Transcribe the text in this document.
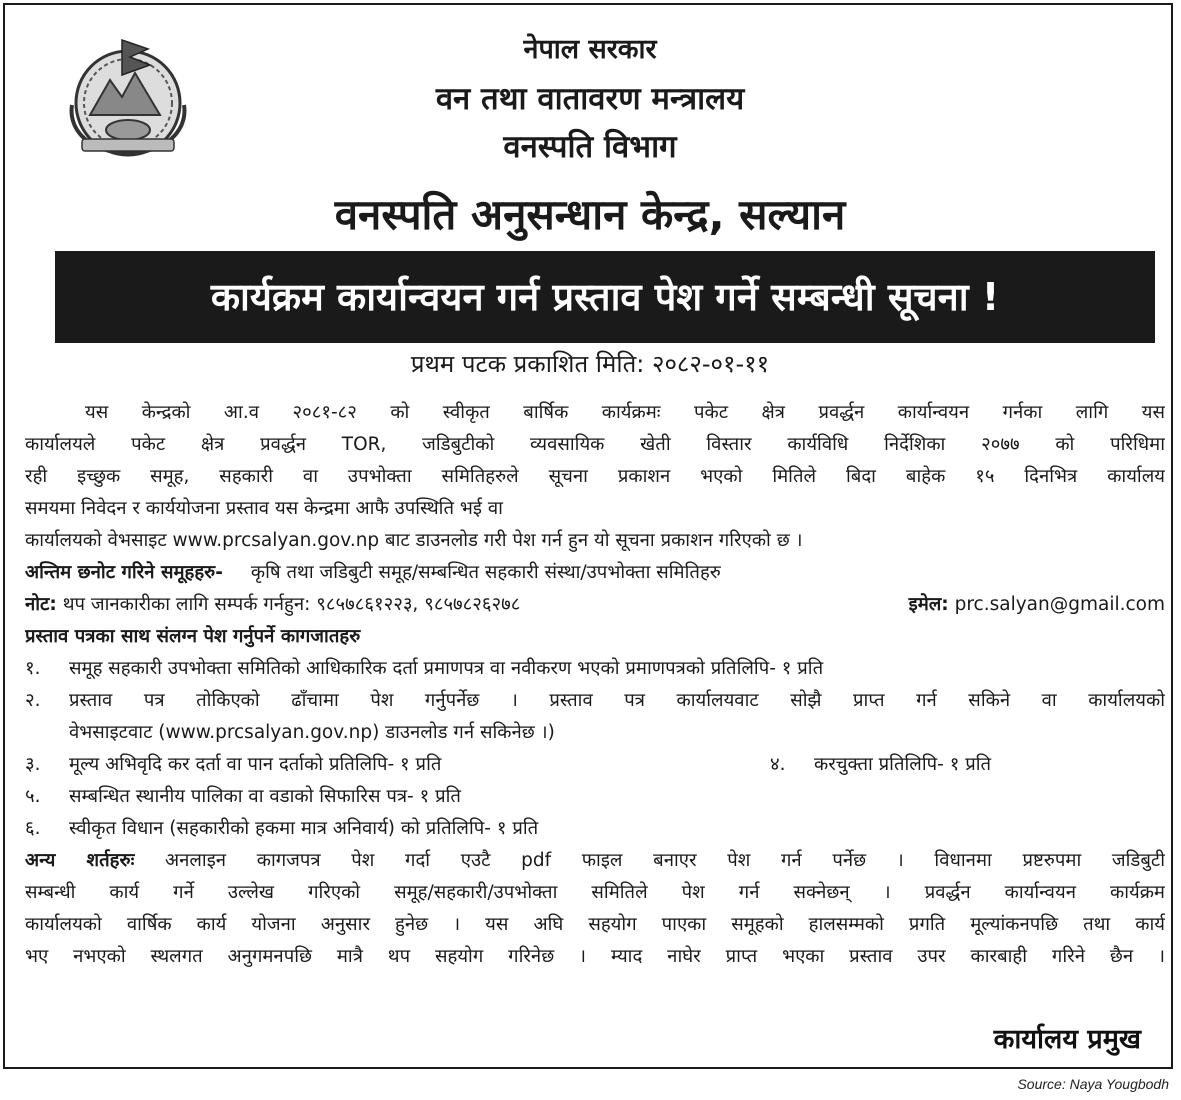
नेपाल सरकार
वन तथा वातावरण मन्त्रालय
वनस्पति विभाग
वनस्पति अनुसन्धान केन्द्र, सल्यान
कार्यक्रम कार्यान्वयन गर्न प्रस्ताव पेश गर्ने सम्बन्धी सूचना !
प्रथम पटक प्रकाशित मिति: २०८२-०१-११
यस केन्द्रको आ.व २०८१-८२ को स्वीकृत बार्षिक कार्यक्रमः पकेट क्षेत्र प्रवर्द्धन कार्यान्वयन गर्नका लागि यस
कार्यालयले पकेट क्षेत्र प्रवर्द्धन TOR, जडिबुटीको व्यवसायिक खेती विस्तार कार्यविधि निर्देशिका २०७७ को परिधिमा
रही इच्छुक समूह, सहकारी वा उपभोक्ता समितिहरुले सूचना प्रकाशन भएको मितिले बिदा बाहेक १५ दिनभित्र कार्यालय
समयमा निवेदन र कार्ययोजना प्रस्ताव यस केन्द्रमा आफै उपस्थिति भई वा
कार्यालयको वेभसाइट www.prcsalyan.gov.np बाट डाउनलोड गरी पेश गर्न हुन यो सूचना प्रकाशन गरिएको छ ।
अन्तिम छनोट गरिने समूहहरु- कृषि तथा जडिबुटी समूह/सम्बन्धित सहकारी संस्था/उपभोक्ता समितिहरु
नोट: थप जानकारीका लागि सम्पर्क गर्नहुन: ९८५७८६१२२३, ९८५७८२६२७८	इमेल: prc.salyan@gmail.com
प्रस्ताव पत्रका साथ संलग्न पेश गर्नुपर्ने कागजातहरु
१. समूह सहकारी उपभोक्ता समितिको आधिकारिक दर्ता प्रमाणपत्र वा नवीकरण भएको प्रमाणपत्रको प्रतिलिपि- १ प्रति
२. प्रस्ताव पत्र तोकिएको ढाँचामा पेश गर्नुपर्नेछ । प्रस्ताव पत्र कार्यालयवाट सोझै प्राप्त गर्न सकिने वा कार्यालयको
वेभसाइटवाट (www.prcsalyan.gov.np) डाउनलोड गर्न सकिनेछ ।)
३. मूल्य अभिवृदि कर दर्ता वा पान दर्ताको प्रतिलिपि- १ प्रति	४. करचुक्ता प्रतिलिपि- १ प्रति
५. सम्बन्धित स्थानीय पालिका वा वडाको सिफारिस पत्र- १ प्रति
६. स्वीकृत विधान (सहकारीको हकमा मात्र अनिवार्य) को प्रतिलिपि- १ प्रति
अन्य शर्तहरुः अनलाइन कागजपत्र पेश गर्दा एउटै pdf फाइल बनाएर पेश गर्न पर्नेछ । विधानमा प्रष्टरुपमा जडिबुटी
सम्बन्धी कार्य गर्ने उल्लेख गरिएको समूह/सहकारी/उपभोक्ता समितिले पेश गर्न सक्नेछन् । प्रवर्द्धन कार्यान्वयन कार्यक्रम
कार्यालयको वार्षिक कार्य योजना अनुसार हुनेछ । यस अघि सहयोग पाएका समूहको हालसम्मको प्रगति मूल्यांकनपछि तथा कार्य
भए नभएको स्थलगत अनुगमनपछि मात्रै थप सहयोग गरिनेछ । म्याद नाघेर प्राप्त भएका प्रस्ताव उपर कारबाही गरिने छैन ।
कार्यालय प्रमुख
Source: Naya Yougbodh
